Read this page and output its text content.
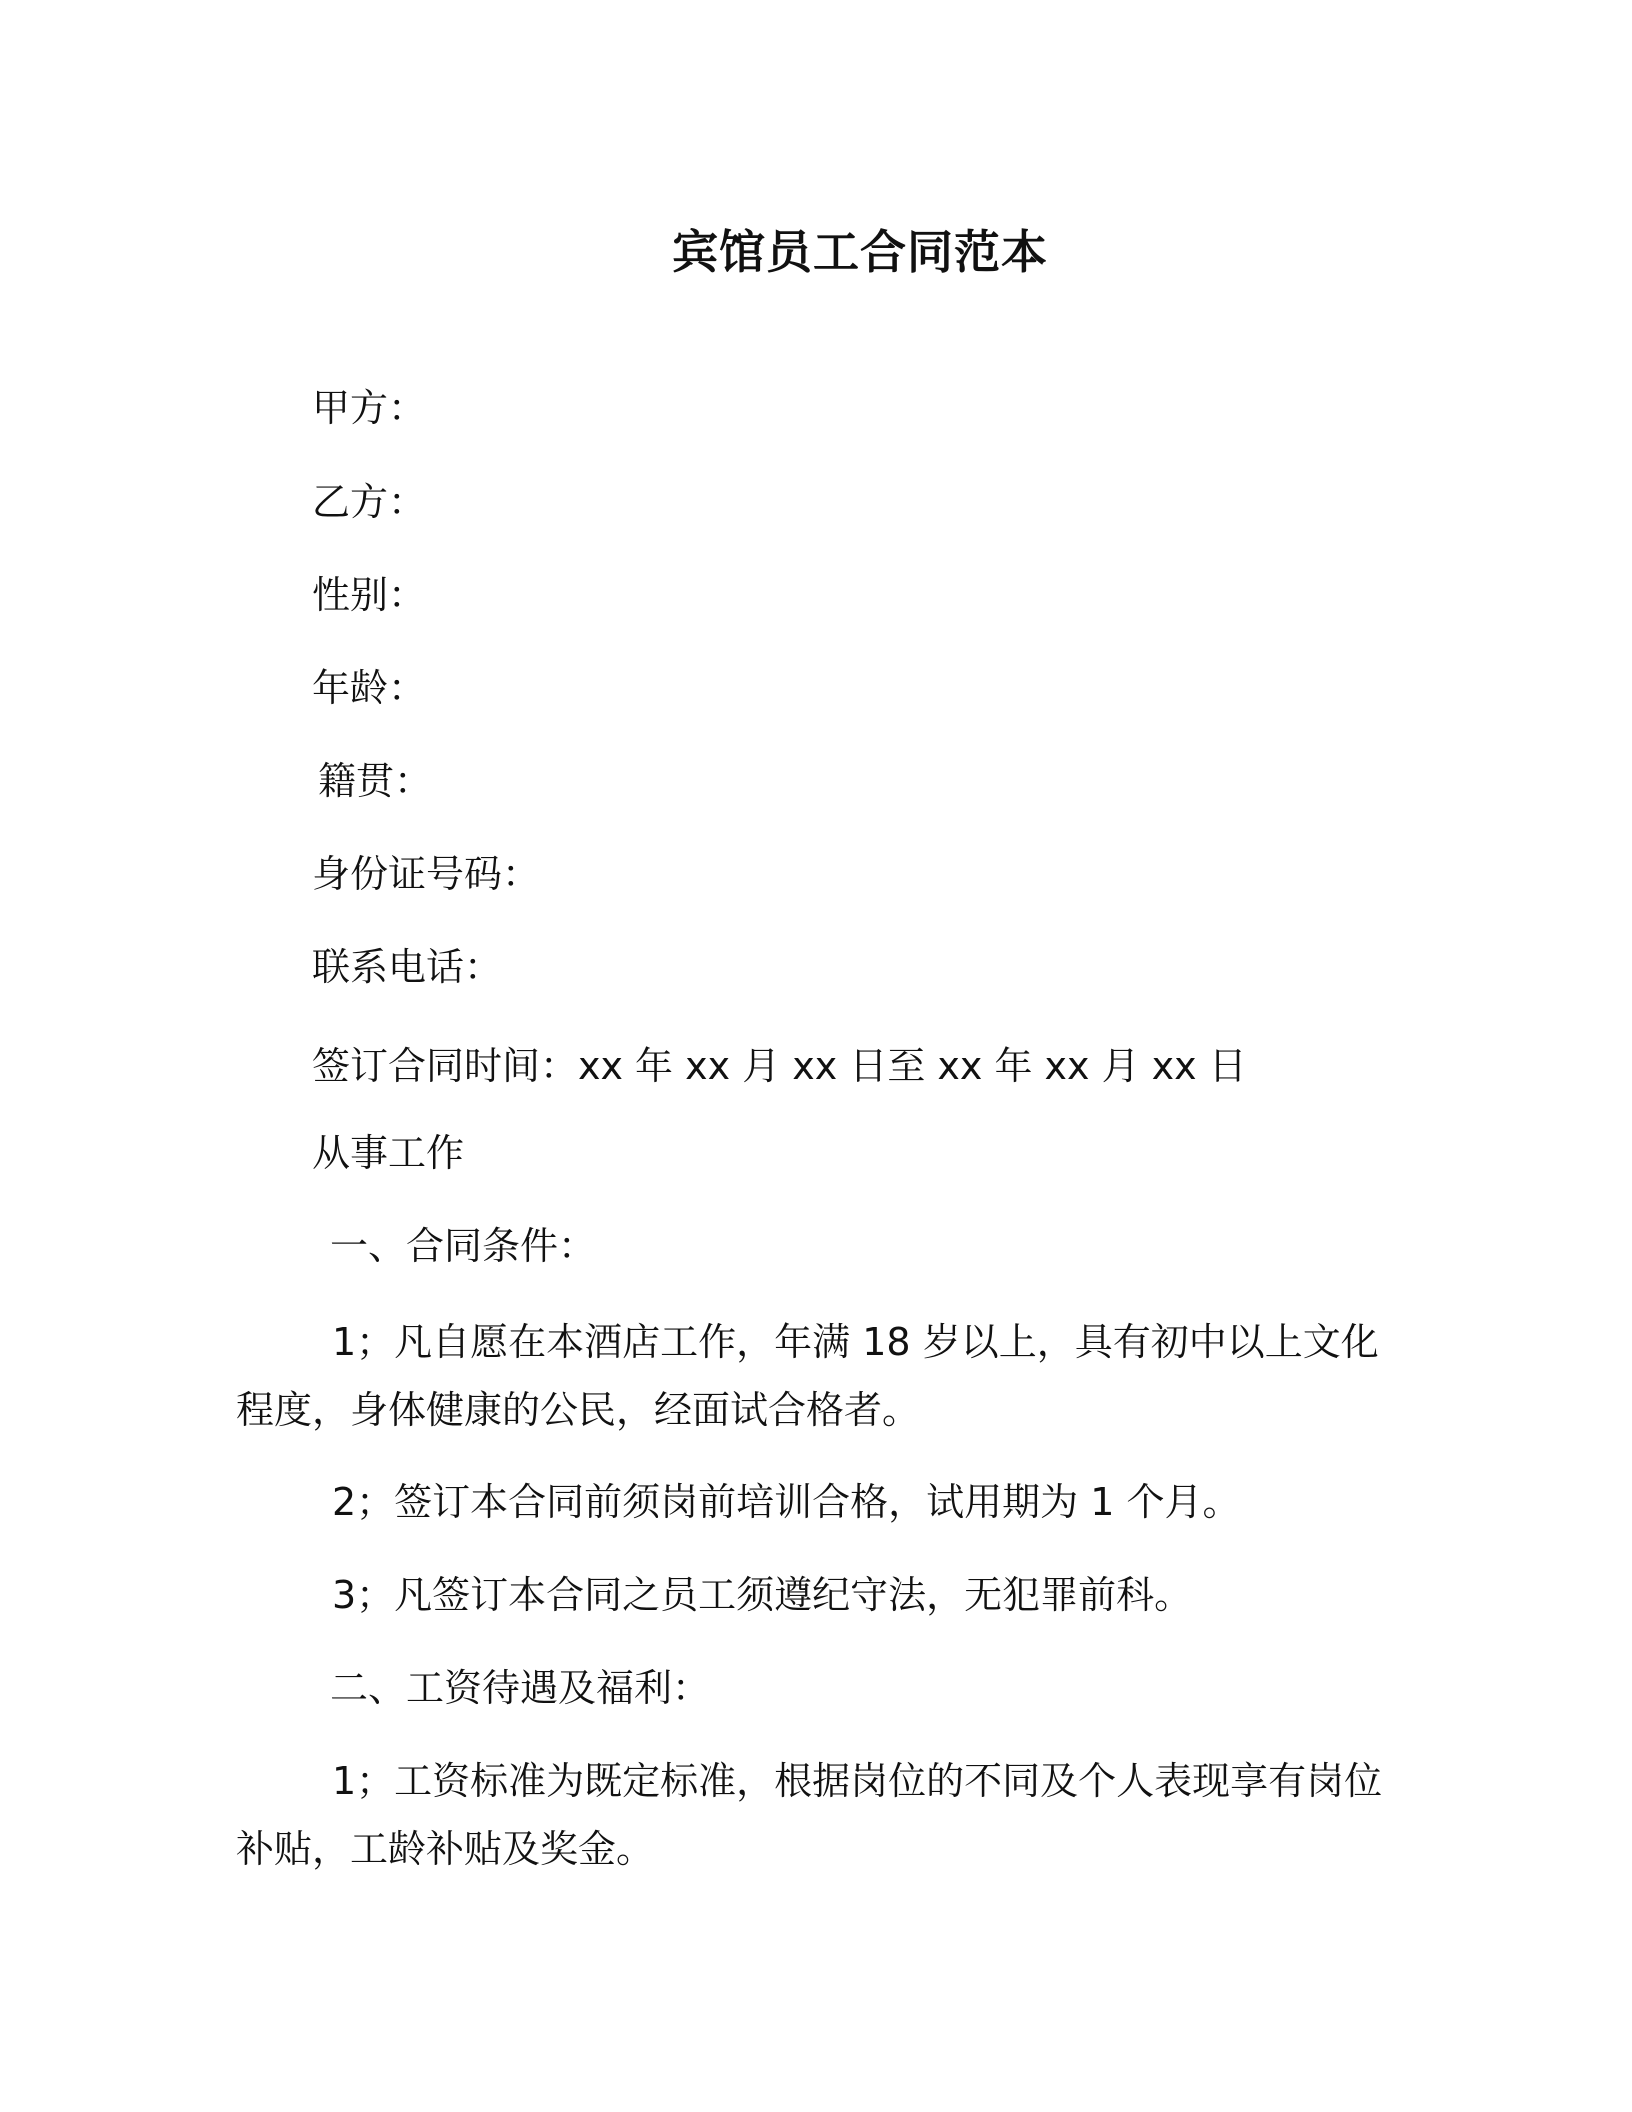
宾馆员工合同范本
甲方：
乙方：
性别：
年龄：
籍贯：
身份证号码：
联系电话：
签订合同时间：xx 年 xx 月 xx 日至 xx 年 xx 月 xx 日
从事工作
一、合同条件：
1；凡自愿在本酒店工作，年满 18 岁以上，具有初中以上文化程度，身体健康的公民，经面试合格者。
2；签订本合同前须岗前培训合格，试用期为 1 个月。
3；凡签订本合同之员工须遵纪守法，无犯罪前科。
二、工资待遇及福利：
1；工资标准为既定标准，根据岗位的不同及个人表现享有岗位补贴，工龄补贴及奖金。
